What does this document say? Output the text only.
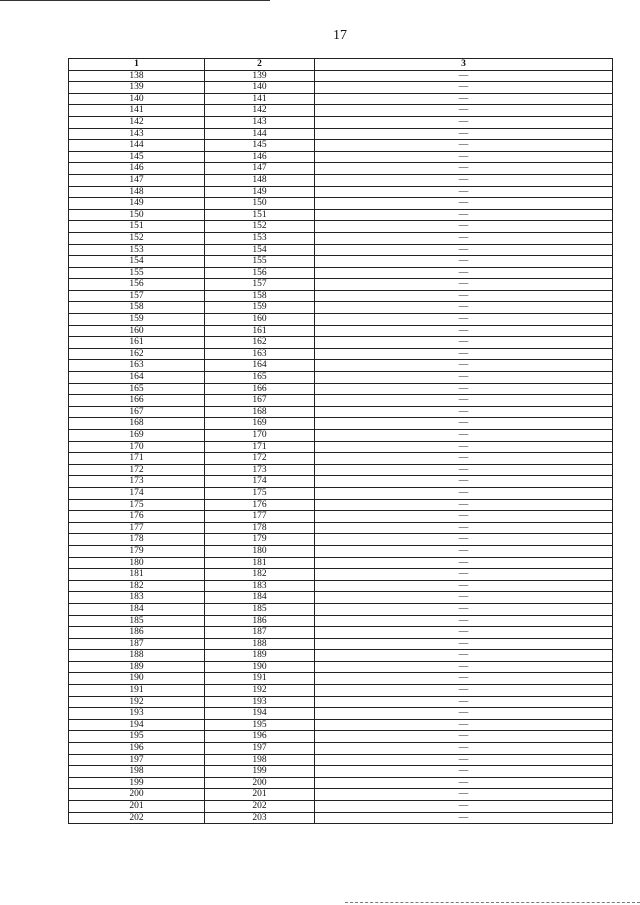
17
1	2	3
138	139	—
139	140	—
140	141	—
141	142	—
142	143	—
143	144	—
144	145	—
145	146	—
146	147	—
147	148	—
148	149	—
149	150	—
150	151	—
151	152	—
152	153	—
153	154	—
154	155	—
155	156	—
156	157	—
157	158	—
158	159	—
159	160	—
160	161	—
161	162	—
162	163	—
163	164	—
164	165	—
165	166	—
166	167	—
167	168	—
168	169	—
169	170	—
170	171	—
171	172	—
172	173	—
173	174	—
174	175	—
175	176	—
176	177	—
177	178	—
178	179	—
179	180	—
180	181	—
181	182	—
182	183	—
183	184	—
184	185	—
185	186	—
186	187	—
187	188	—
188	189	—
189	190	—
190	191	—
191	192	—
192	193	—
193	194	—
194	195	—
195	196	—
196	197	—
197	198	—
198	199	—
199	200	—
200	201	—
201	202	—
202	203	—
